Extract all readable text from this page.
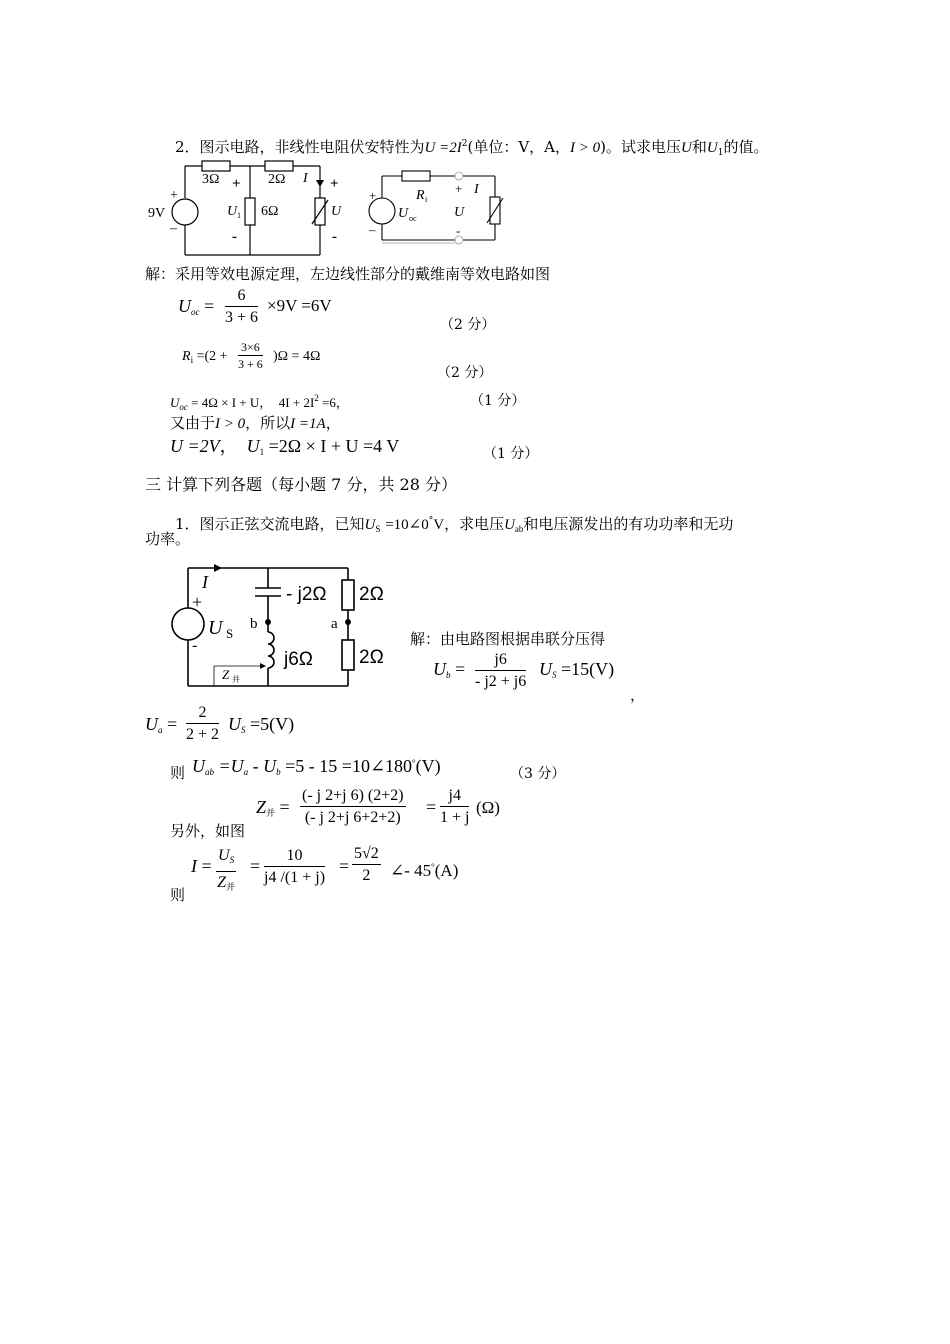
2．图示电路，非线性电阻伏安特性为$U =2I^2$(单位：V，A，I > 0)。试求电压U和$U_1$的值。
3Ω	2Ω
9V
+
–
+
U 1 6Ω
-
I +
U
-
+
–
U oc
R i
+ I
U
-
解：采用等效电源定理，左边线性部分的戴维南等效电路如图
$U_{oc} = \frac{6}{3 + 6} \times 9V =6V$
（2 分）
$R_i =(2 + \frac{3\times 6}{3 + 6} )\Omega = 4\Omega$
（2 分）
$U_{oc} = 4\Omega \times I + U$， $4I + 2I^2 =6$，	（1 分）
又由于I > 0，所以I =1A，
U =2V， $U_1 =2\Omega \times I + U =4$ V	（1 分）
三 计算下列各题（每小题 7 分，共 28 分）
1．图示正弦交流电路，已知$U_S$ =10∠0°V，求电压$U_{ab}$和电压源发出的有功功率和无功
功率。
I
+
-
U S
- j2Ω 2Ω
b	a
j6Ω 2Ω
Z 并
解：由电路图根据串联分压得
$U_b = \frac{j6}{- j2 + j6} U_S =15(V)$
，
$U_a = \frac{2}{2 + 2} U_S =5(V)$
则 $U_{ab} =U_a - U_b =5 - 15$ =10∠180°(V)	（3 分）
$Z_并 = \frac{(- j 2+j 6) (2+2)}{(- j 2+j 6+2+2)} = \frac{j4}{1 + j} (\Omega)$
另外，如图
I =
$U_S$
$Z_并$
= $\frac{10}{j4 /(1 + j)} = \frac{5√2}{2}$ ∠- 45°(A)
则
